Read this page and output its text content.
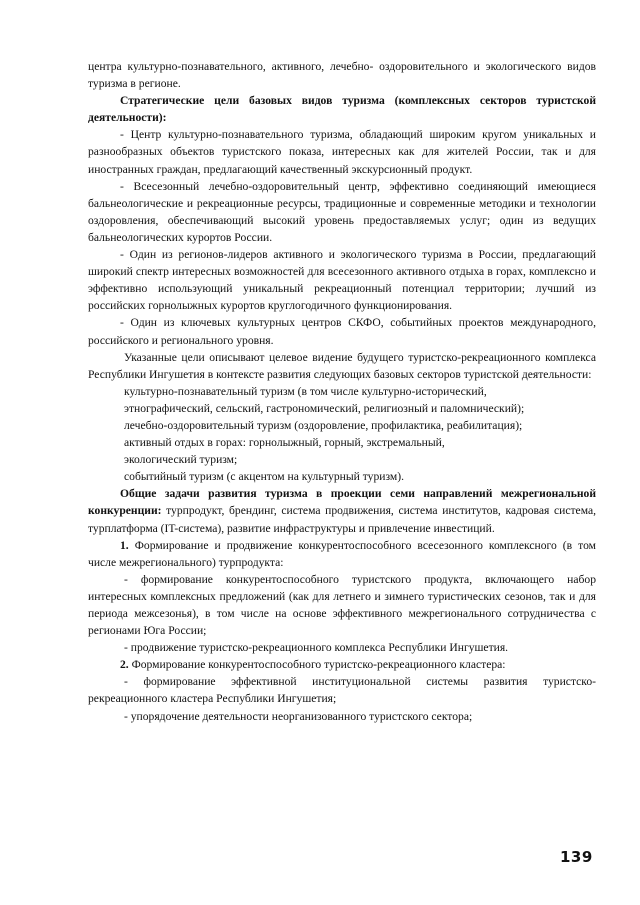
центра культурно-познавательного, активного, лечебно- оздоровительного и экологического видов туризма в регионе.

Стратегические цели базовых видов туризма (комплексных секторов туристской деятельности):

- Центр культурно-познавательного туризма, обладающий широким кругом уникальных и разнообразных объектов туристского показа, интересных как для жителей России, так и для иностранных граждан, предлагающий качественный экскурсионный продукт.

- Всесезонный лечебно-оздоровительный центр, эффективно соединяющий имеющиеся бальнеологические и рекреационные ресурсы, традиционные и современные методики и технологии оздоровления, обеспечивающий высокий уровень предоставляемых услуг; один из ведущих бальнеологических курортов России.

- Один из регионов-лидеров активного и экологического туризма в России, предлагающий широкий спектр интересных возможностей для всесезонного активного отдыха в горах, комплексно и эффективно использующий уникальный рекреационный потенциал территории; лучший из российских горнолыжных курортов круглогодичного функционирования.

- Один из ключевых культурных центров СКФО, событийных проектов международного, российского и регионального уровня.

Указанные цели описывают целевое видение будущего туристско-рекреационного комплекса Республики Ингушетия в контексте развития следующих базовых секторов туристской деятельности:

культурно-познавательный туризм (в том числе культурно-исторический,

этнографический, сельский, гастрономический, религиозный и паломнический);

лечебно-оздоровительный туризм (оздоровление, профилактика, реабилитация);

активный отдых в горах: горнолыжный, горный, экстремальный,

экологический туризм;

событийный туризм (с акцентом на культурный туризм).

Общие задачи развития туризма в проекции семи направлений межрегиональной конкуренции: турпродукт, брендинг, система продвижения, система институтов, кадровая система, турплатформа (IT-система), развитие инфраструктуры и привлечение инвестиций.

1. Формирование и продвижение конкурентоспособного всесезонного комплексного (в том числе межрегионального) турпродукта:

- формирование конкурентоспособного туристского продукта, включающего набор интересных комплексных предложений (как для летнего и зимнего туристических сезонов, так и для периода межсезонья), в том числе на основе эффективного межрегионального сотрудничества с регионами Юга России;

- продвижение туристско-рекреационного комплекса Республики Ингушетия.

2. Формирование конкурентоспособного туристско-рекреационного кластера:

- формирование эффективной институциональной системы развития туристско-рекреационного кластера Республики Ингушетия;

- упорядочение деятельности неорганизованного туристского сектора;

139
